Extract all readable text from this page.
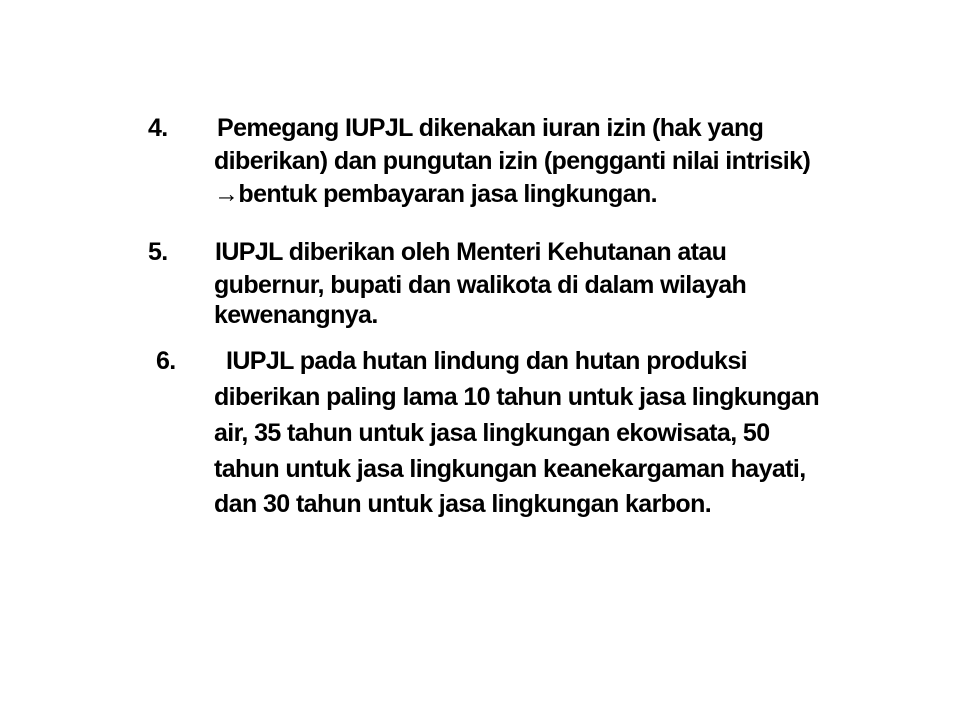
4. Pemegang IUPJL dikenakan iuran izin (hak yang
diberikan) dan pungutan izin (pengganti nilai intrisik)
→bentuk pembayaran jasa lingkungan.
5. IUPJL diberikan oleh Menteri Kehutanan atau
gubernur, bupati dan walikota di dalam wilayah
kewenangnya.
6. IUPJL pada hutan lindung dan hutan produksi
diberikan paling lama 10 tahun untuk jasa lingkungan
air, 35 tahun untuk jasa lingkungan ekowisata, 50
tahun untuk jasa lingkungan keanekargaman hayati,
dan 30 tahun untuk jasa lingkungan karbon.
